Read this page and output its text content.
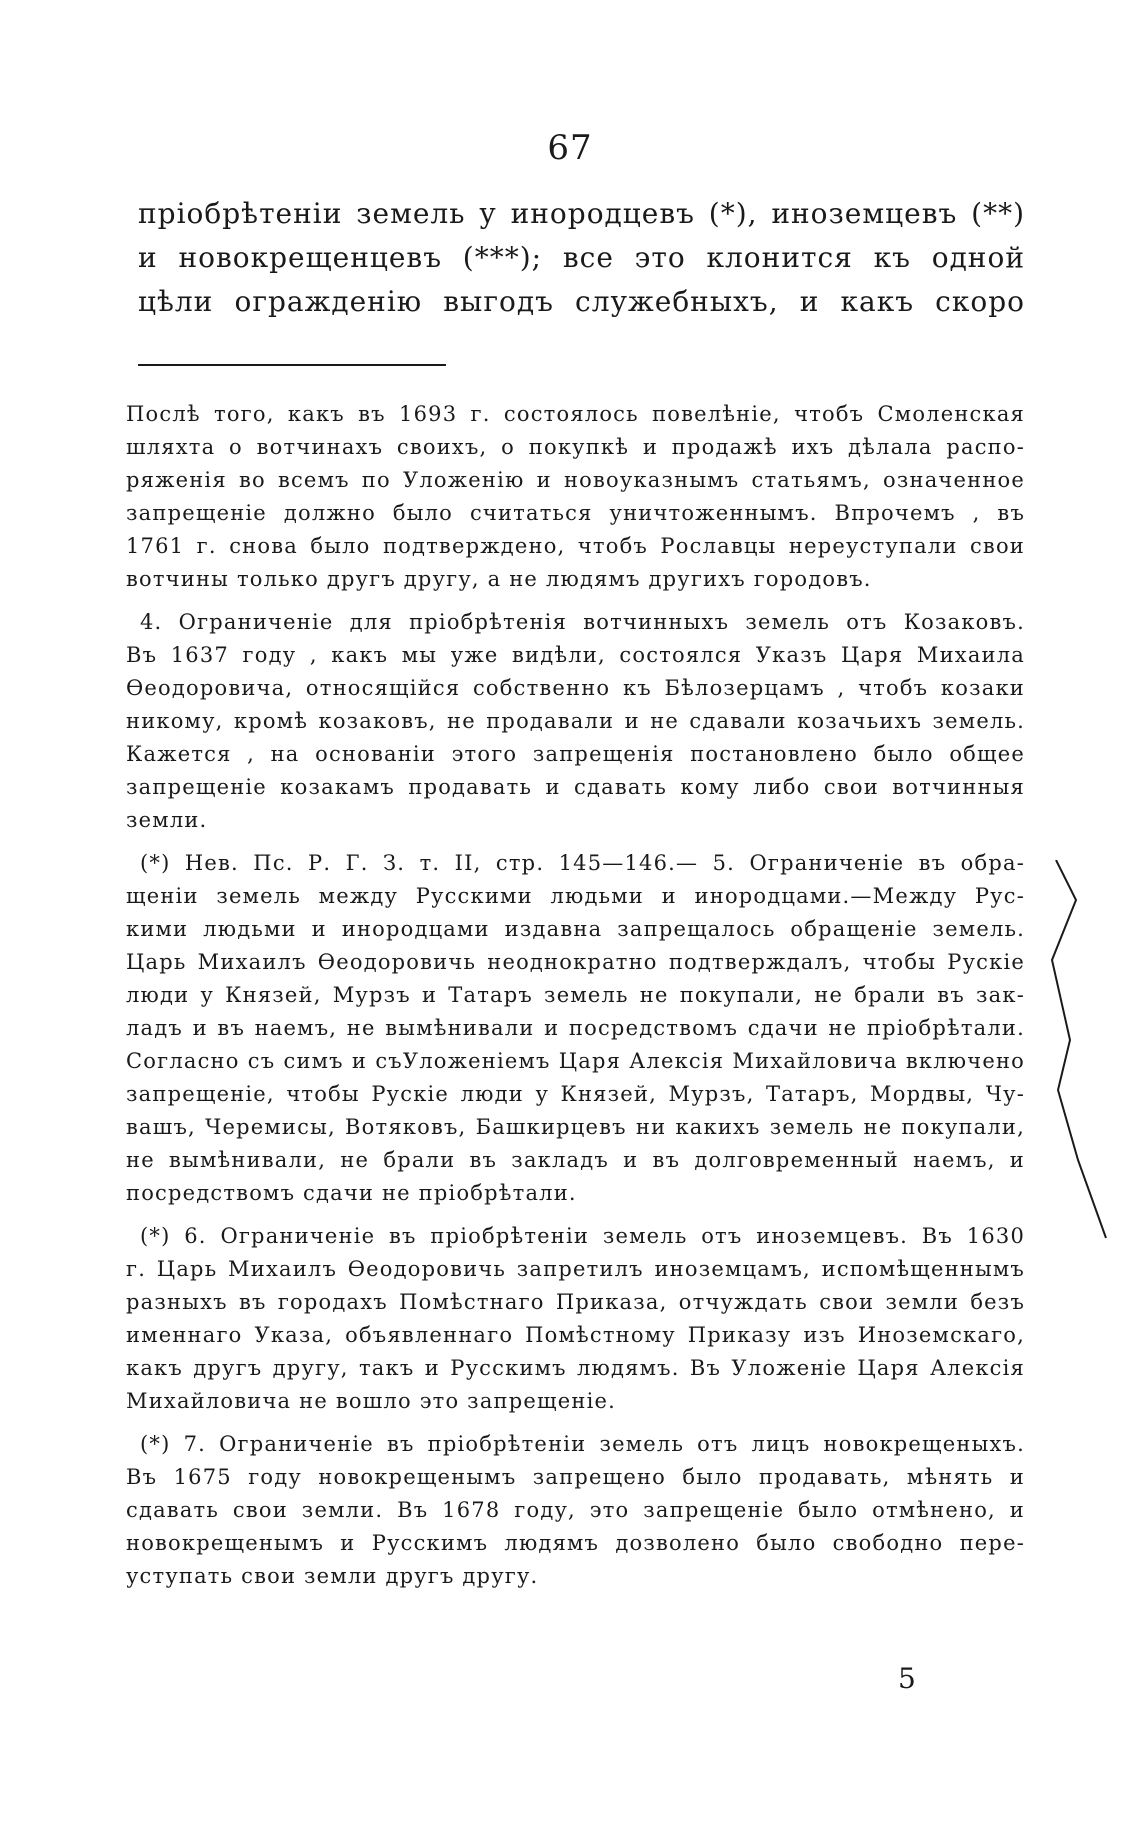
67
пріобрѣтеніи земель у инородцевъ (*), иноземцевъ (**)
и новокрещенцевъ (***); все это клонится къ одной
цѣли огражденію выгодъ служебныхъ, и какъ скоро
Послѣ того, какъ въ 1693 г. состоялось повелѣніе, чтобъ Смоленская
шляхта о вотчинахъ своихъ, о покупкѣ и продажѣ ихъ дѣлала распо-
ряженія во всемъ по Уложенію и новоуказнымъ статьямъ, означенное
запрещеніе должно было считаться уничтоженнымъ. Впрочемъ , въ
1761 г. снова было подтверждено, чтобъ Рославцы нереуступали свои
вотчины только другъ другу, а не людямъ другихъ городовъ.
4. Ограниченіе для пріобрѣтенія вотчинныхъ земель отъ Козаковъ.
Въ 1637 году , какъ мы уже видѣли, состоялся Указъ Царя Михаила
Ѳеодоровича, относящійся собственно къ Бѣлозерцамъ , чтобъ козаки
никому, кромѣ козаковъ, не продавали и не сдавали козачьихъ земель.
Кажется , на основаніи этого запрещенія постановлено было общее
запрещеніе козакамъ продавать и сдавать кому либо свои вотчинныя
земли.
(*) Нев. Пс. Р. Г. З. т. II, стр. 145—146.— 5. Ограниченіе въ обра-
щеніи земель между Русскими людьми и инородцами.—Между Рус-
кими людьми и инородцами издавна запрещалось обращеніе земель.
Царь Михаилъ Ѳеодоровичь неоднократно подтверждалъ, чтобы Рускіе
люди у Князей, Мурзъ и Татаръ земель не покупали, не брали въ зак-
ладъ и въ наемъ, не вымѣнивали и посредствомъ сдачи не пріобрѣтали.
Согласно съ симъ и съУложеніемъ Царя Алексія Михайловича включено
запрещеніе, чтобы Рускіе люди у Князей, Мурзъ, Татаръ, Мордвы, Чу-
вашъ, Черемисы, Вотяковъ, Башкирцевъ ни какихъ земель не покупали,
не вымѣнивали, не брали въ закладъ и въ долговременный наемъ, и
посредствомъ сдачи не пріобрѣтали.
(*) 6. Ограниченіе въ пріобрѣтеніи земель отъ иноземцевъ. Въ 1630
г. Царь Михаилъ Ѳеодоровичь запретилъ иноземцамъ, испомѣщеннымъ
разныхъ въ городахъ Помѣстнаго Приказа, отчуждать свои земли безъ
именнаго Указа, объявленнаго Помѣстному Приказу изъ Иноземскаго,
какъ другъ другу, такъ и Русскимъ людямъ. Въ Уложеніе Царя Алексія
Михайловича не вошло это запрещеніе.
(*) 7. Ограниченіе въ пріобрѣтеніи земель отъ лицъ новокрещеныхъ.
Въ 1675 году новокрещенымъ запрещено было продавать, мѣнять и
сдавать свои земли. Въ 1678 году, это запрещеніе было отмѣнено, и
новокрещенымъ и Русскимъ людямъ дозволено было свободно пере-
уступать свои земли другъ другу.
5
